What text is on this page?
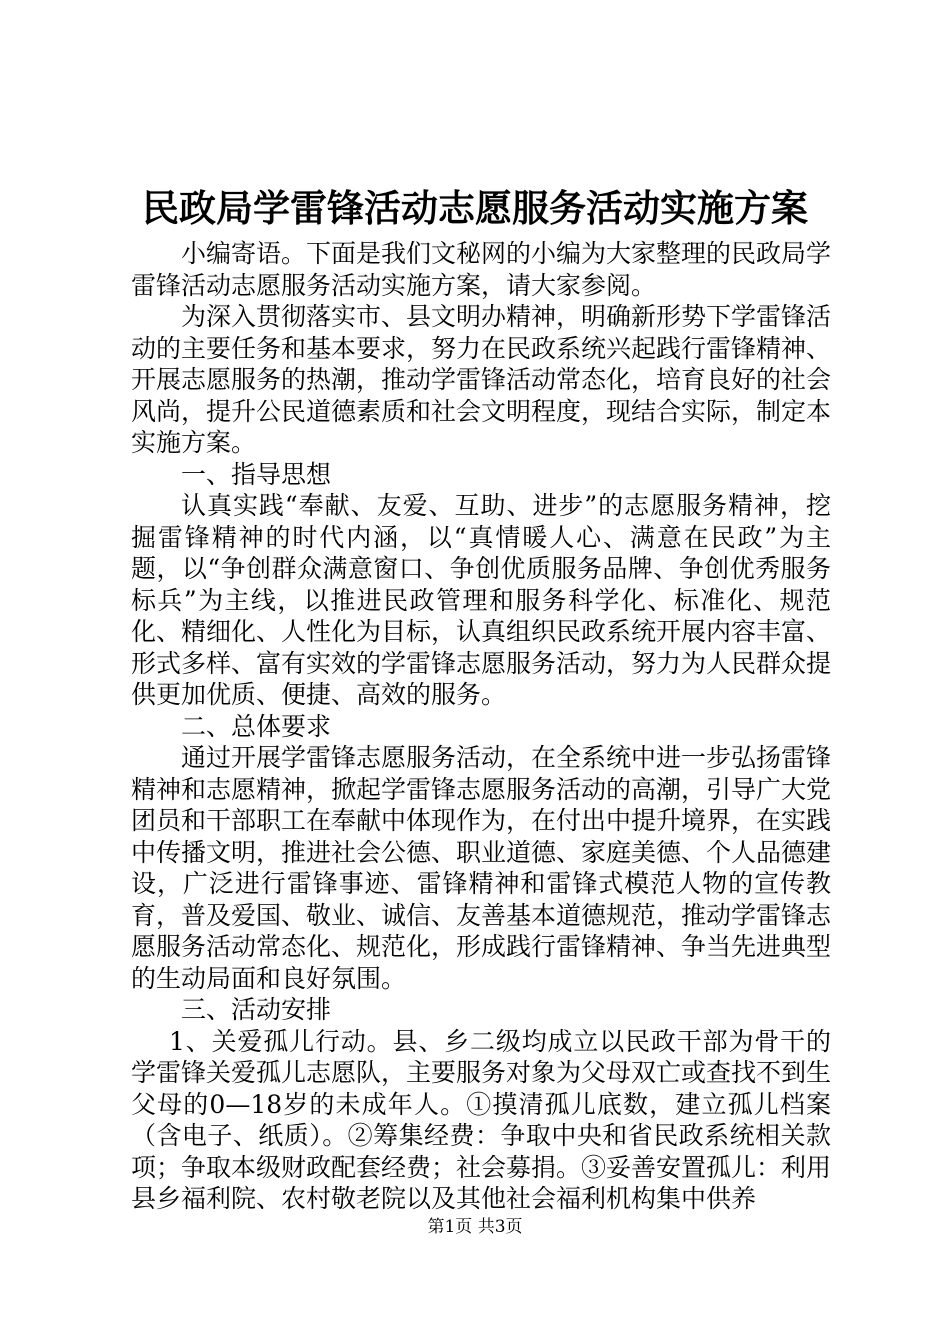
民政局学雷锋活动志愿服务活动实施方案

小编寄语。下面是我们文秘网的小编为大家整理的民政局学雷锋活动志愿服务活动实施方案，请大家参阅。

为深入贯彻落实市、县文明办精神，明确新形势下学雷锋活动的主要任务和基本要求，努力在民政系统兴起践行雷锋精神、开展志愿服务的热潮，推动学雷锋活动常态化，培育良好的社会风尚，提升公民道德素质和社会文明程度，现结合实际，制定本实施方案。

一、指导思想

认真实践“奉献、友爱、互助、进步”的志愿服务精神，挖掘雷锋精神的时代内涵，以“真情暖人心、满意在民政”为主题，以“争创群众满意窗口、争创优质服务品牌、争创优秀服务标兵”为主线，以推进民政管理和服务科学化、标准化、规范化、精细化、人性化为目标，认真组织民政系统开展内容丰富、形式多样、富有实效的学雷锋志愿服务活动，努力为人民群众提供更加优质、便捷、高效的服务。

二、总体要求

通过开展学雷锋志愿服务活动，在全系统中进一步弘扬雷锋精神和志愿精神，掀起学雷锋志愿服务活动的高潮，引导广大党团员和干部职工在奉献中体现作为，在付出中提升境界，在实践中传播文明，推进社会公德、职业道德、家庭美德、个人品德建设，广泛进行雷锋事迹、雷锋精神和雷锋式模范人物的宣传教育，普及爱国、敬业、诚信、友善基本道德规范，推动学雷锋志愿服务活动常态化、规范化，形成践行雷锋精神、争当先进典型的生动局面和良好氛围。

三、活动安排

1、关爱孤儿行动。县、乡二级均成立以民政干部为骨干的学雷锋关爱孤儿志愿队，主要服务对象为父母双亡或查找不到生父母的0—18岁的未成年人。①摸清孤儿底数，建立孤儿档案（含电子、纸质）。②筹集经费：争取中央和省民政系统相关款项；争取本级财政配套经费；社会募捐。③妥善安置孤儿：利用县乡福利院、农村敬老院以及其他社会福利机构集中供养

第1页 共3页
